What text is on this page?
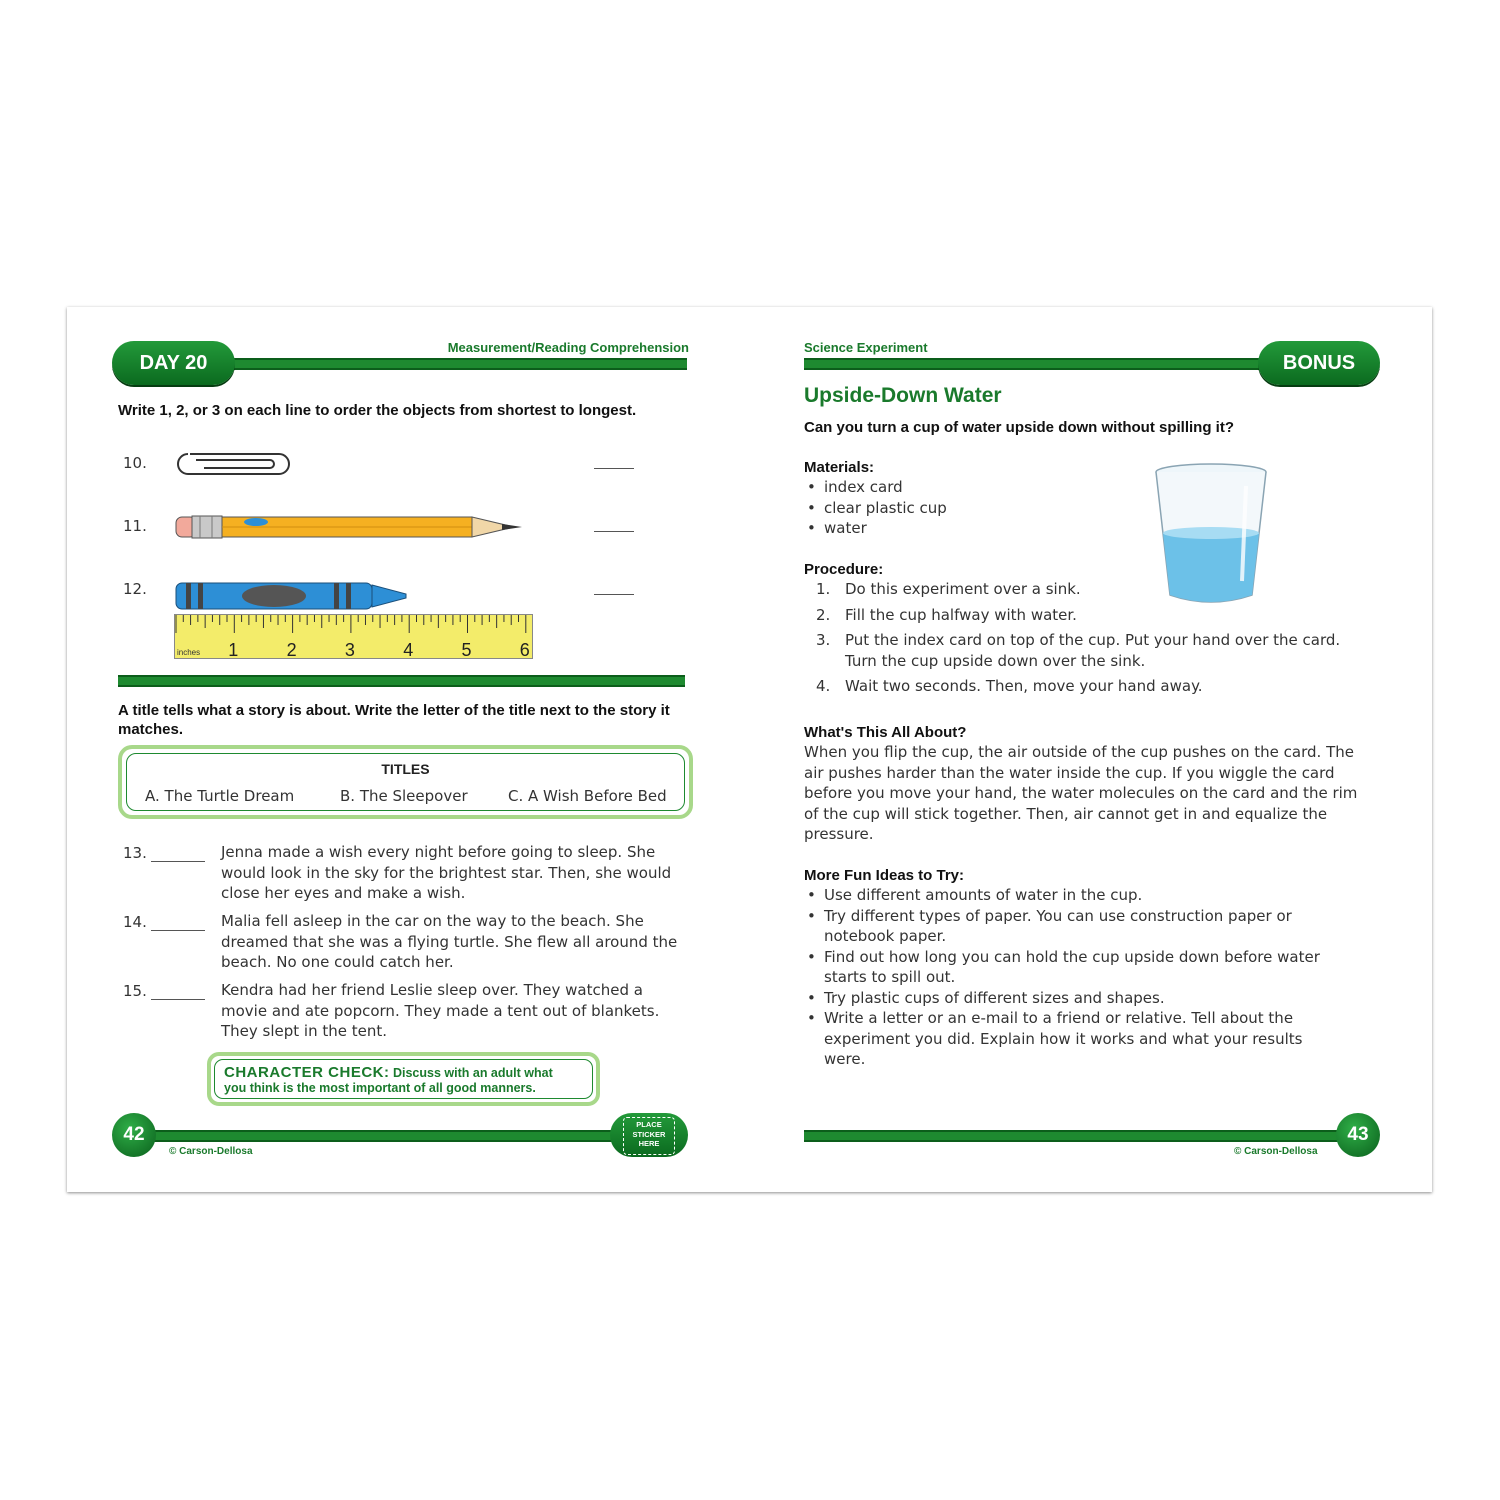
DAY 20
Measurement/Reading Comprehension
Write 1, 2, or 3 on each line to order the objects from shortest to longest.
10.
11.
12.
inches 1	2	3	4	5	6
A title tells what a story is about. Write the letter of the title next to the story it matches.
TITLES
A. The Turtle Dream	B. The Sleepover	C. A Wish Before Bed
13.	Jenna made a wish every night before going to sleep. She would look in the sky for the brightest star. Then, she would close her eyes and make a wish.
14.	Malia fell asleep in the car on the way to the beach. She dreamed that she was a flying turtle. She flew all around the beach. No one could catch her.
15.	Kendra had her friend Leslie sleep over. They watched a movie and ate popcorn. They made a tent out of blankets. They slept in the tent.
CHARACTER CHECK: Discuss with an adult what
you think is the most important of all good manners.
42
© Carson-Dellosa
PLACE
STICKER
HERE
BONUS
Science Experiment
Upside-Down Water
Can you turn a cup of water upside down without spilling it?
Materials:
• index card
• clear plastic cup
• water
Procedure:
1. Do this experiment over a sink.
2. Fill the cup halfway with water.
3. Put the index card on top of the cup. Put your hand over the card. Turn the cup upside down over the sink.
4. Wait two seconds. Then, move your hand away.
What's This All About?
When you flip the cup, the air outside of the cup pushes on the card. The air pushes harder than the water inside the cup. If you wiggle the card before you move your hand, the water molecules on the card and the rim of the cup will stick together. Then, air cannot get in and equalize the pressure.
More Fun Ideas to Try:
• Use different amounts of water in the cup.
• Try different types of paper. You can use construction paper or notebook paper.
• Find out how long you can hold the cup upside down before water starts to spill out.
• Try plastic cups of different sizes and shapes.
• Write a letter or an e-mail to a friend or relative. Tell about the experiment you did. Explain how it works and what your results were.
43
© Carson-Dellosa
